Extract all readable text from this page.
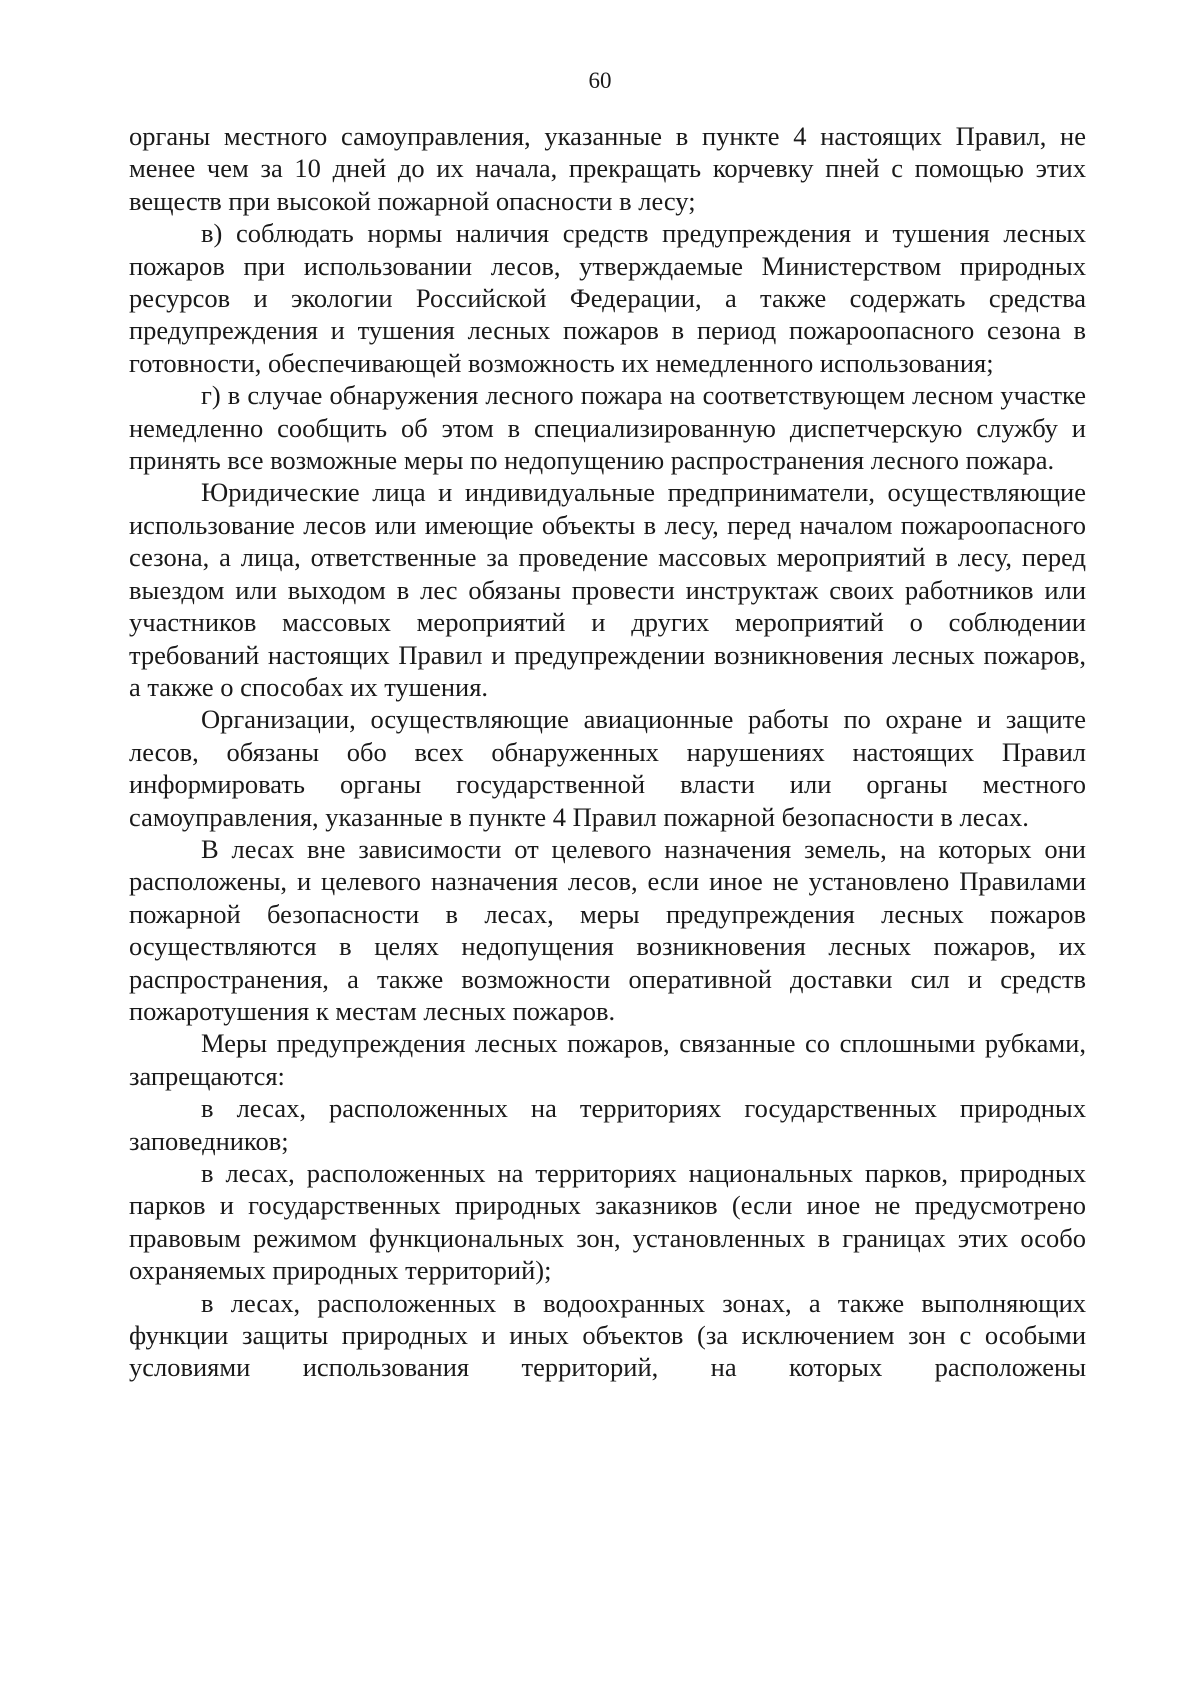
60

органы местного самоуправления, указанные в пункте 4 настоящих Правил, не менее чем за 10 дней до их начала, прекращать корчевку пней с помощью этих веществ при высокой пожарной опасности в лесу;

в) соблюдать нормы наличия средств предупреждения и тушения лесных пожаров при использовании лесов, утверждаемые Министерством природных ресурсов и экологии Российской Федерации, а также содержать средства предупреждения и тушения лесных пожаров в период пожароопасного сезона в готовности, обеспечивающей возможность их немедленного использования;

г) в случае обнаружения лесного пожара на соответствующем лесном участке немедленно сообщить об этом в специализированную диспетчерскую службу и принять все возможные меры по недопущению распространения лесного пожара.

Юридические лица и индивидуальные предприниматели, осуществляющие использование лесов или имеющие объекты в лесу, перед началом пожароопасного сезона, а лица, ответственные за проведение массовых мероприятий в лесу, перед выездом или выходом в лес обязаны провести инструктаж своих работников или участников массовых мероприятий и других мероприятий о соблюдении требований настоящих Правил и предупреждении возникновения лесных пожаров, а также о способах их тушения.

Организации, осуществляющие авиационные работы по охране и защите лесов, обязаны обо всех обнаруженных нарушениях настоящих Правил информировать органы государственной власти или органы местного самоуправления, указанные в пункте 4 Правил пожарной безопасности в лесах.

В лесах вне зависимости от целевого назначения земель, на которых они расположены, и целевого назначения лесов, если иное не установлено Правилами пожарной безопасности в лесах, меры предупреждения лесных пожаров осуществляются в целях недопущения возникновения лесных пожаров, их распространения, а также возможности оперативной доставки сил и средств пожаротушения к местам лесных пожаров.

Меры предупреждения лесных пожаров, связанные со сплошными рубками, запрещаются:

в лесах, расположенных на территориях государственных природных заповедников;

в лесах, расположенных на территориях национальных парков, природных парков и государственных природных заказников (если иное не предусмотрено правовым режимом функциональных зон, установленных в границах этих особо охраняемых природных территорий);

в лесах, расположенных в водоохранных зонах, а также выполняющих функции защиты природных и иных объектов (за исключением зон с особыми условиями использования территорий, на которых расположены
